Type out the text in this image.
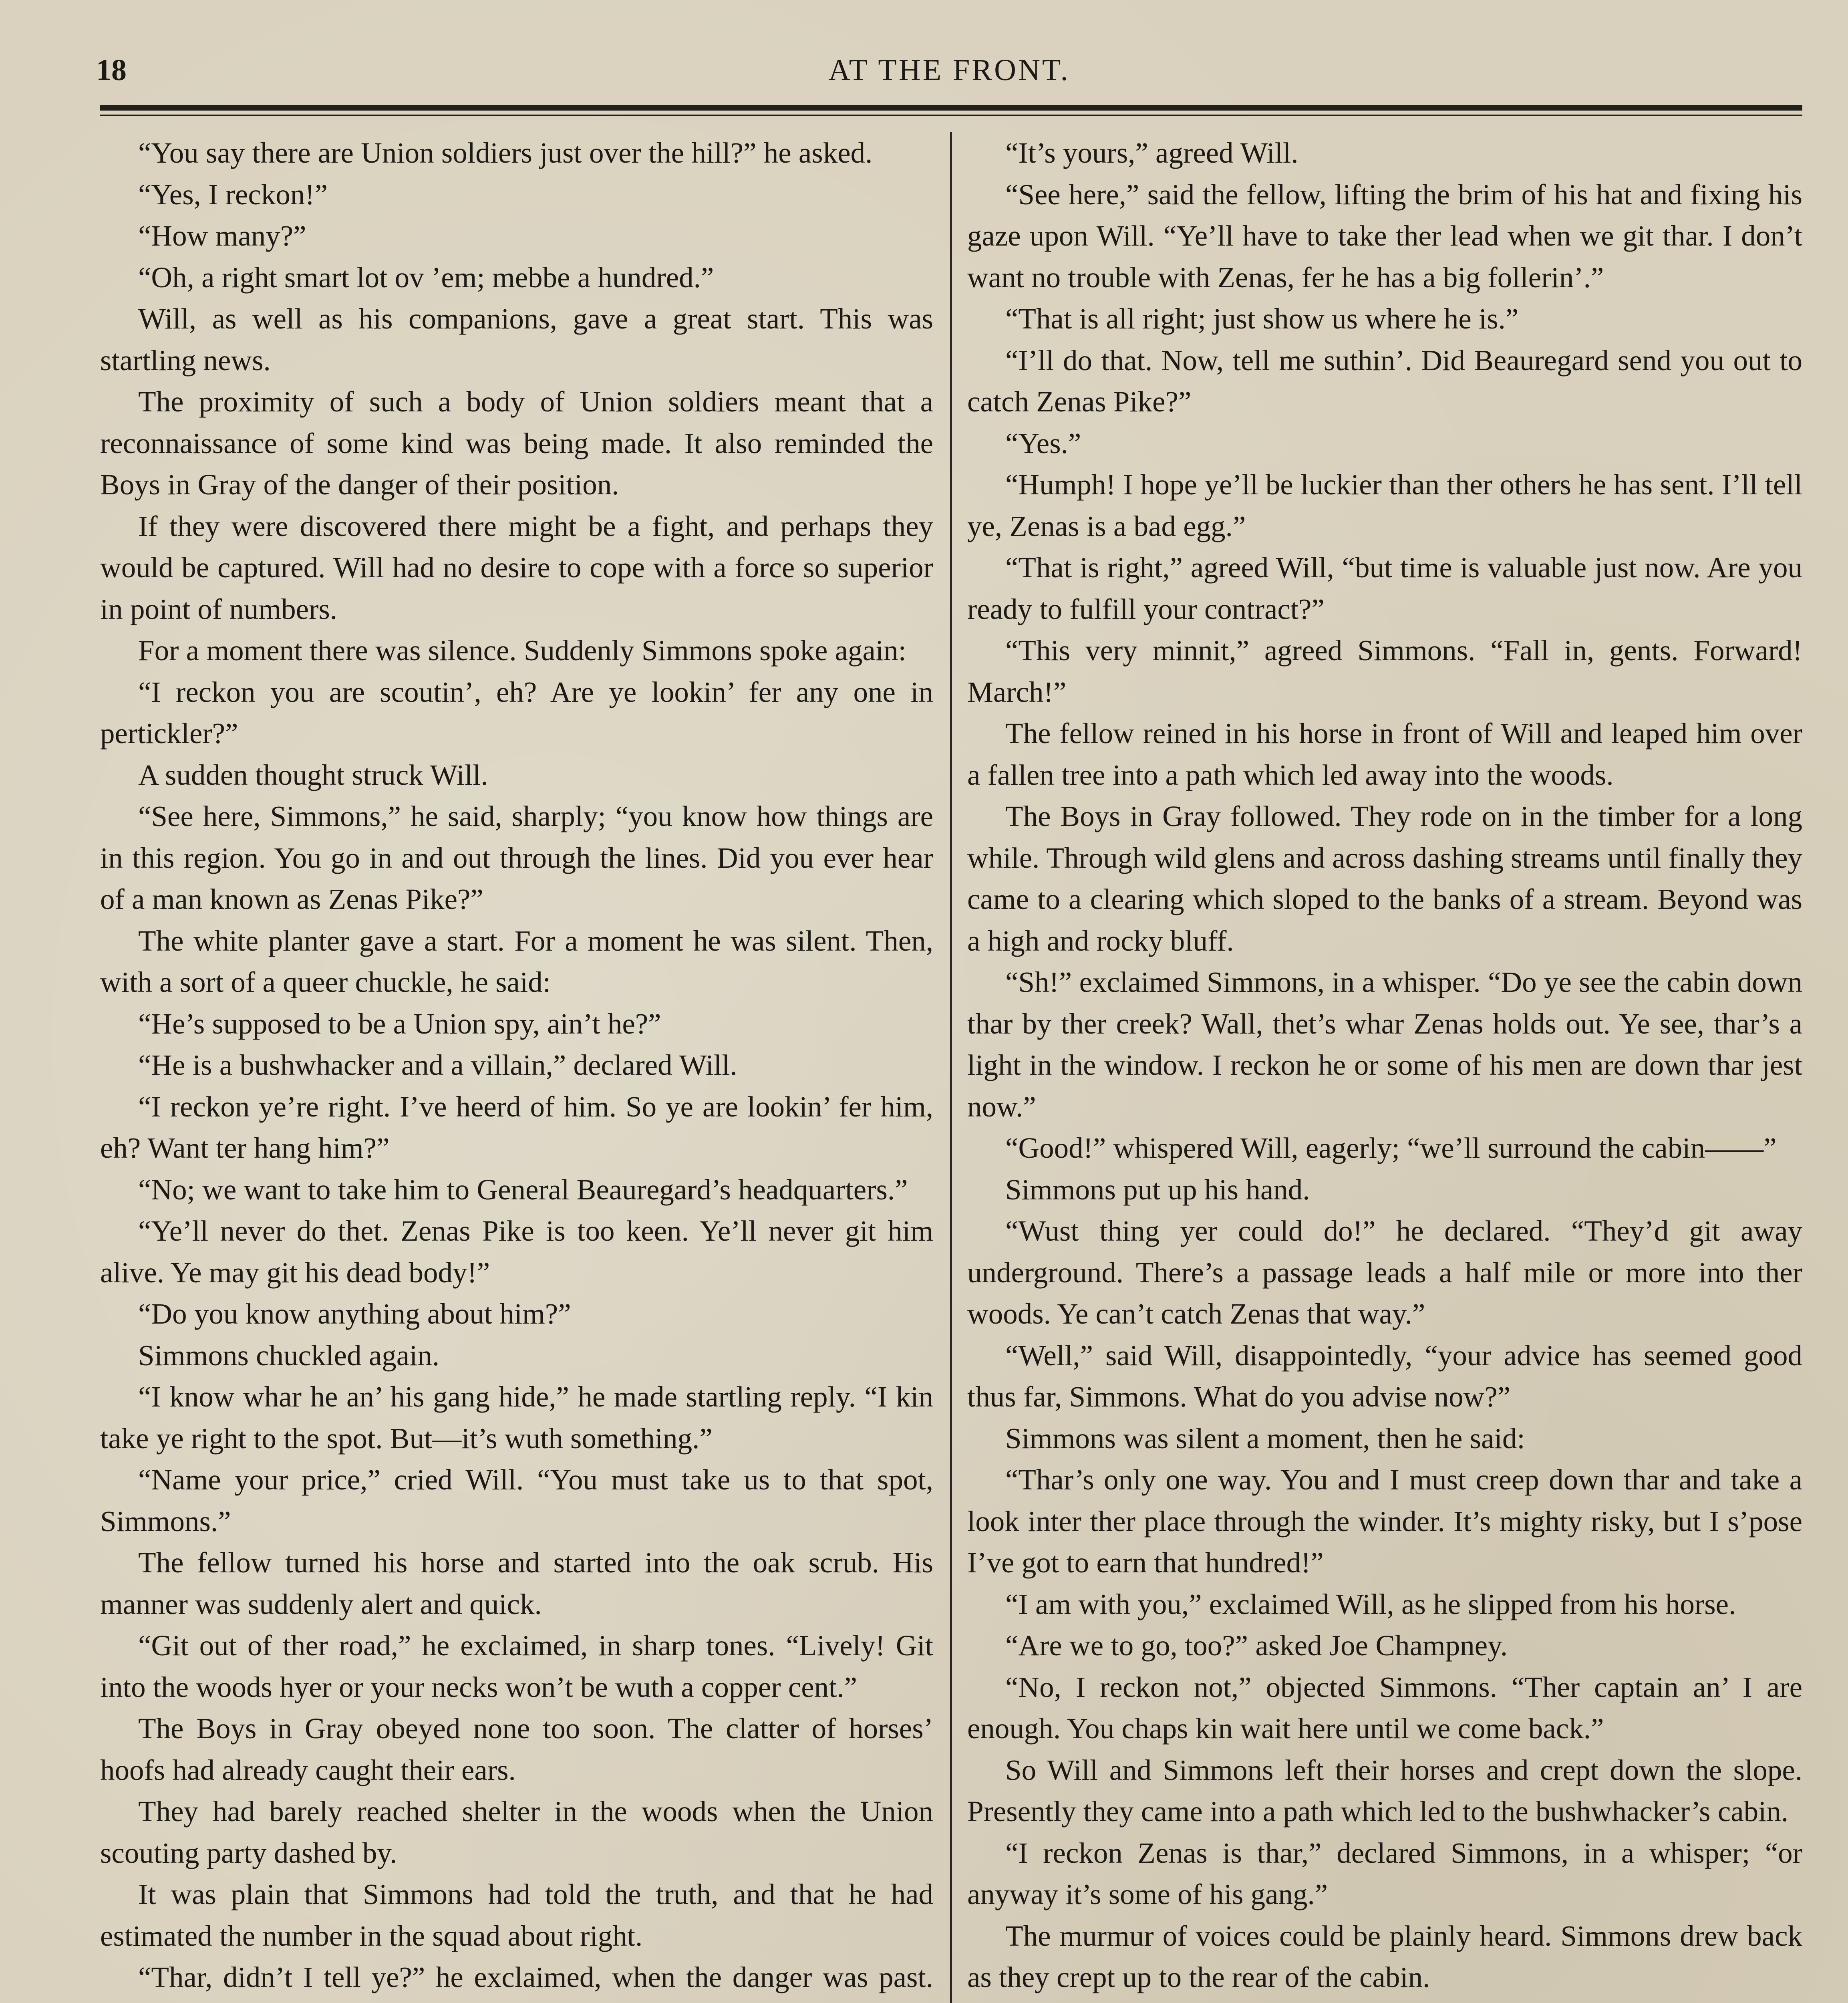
18	AT THE FRONT.

“You say there are Union soldiers just over the hill?” he asked.

“Yes, I reckon!”

“How many?”

“Oh, a right smart lot ov ’em; mebbe a hundred.”

Will, as well as his companions, gave a great start. This was startling news.

The proximity of such a body of Union soldiers meant that a reconnaissance of some kind was being made. It also reminded the Boys in Gray of the danger of their position.

If they were discovered there might be a fight, and perhaps they would be captured. Will had no desire to cope with a force so superior in point of numbers.

For a moment there was silence. Suddenly Simmons spoke again:

“I reckon you are scoutin’, eh? Are ye lookin’ fer any one in pertickler?”

A sudden thought struck Will.

“See here, Simmons,” he said, sharply; “you know how things are in this region. You go in and out through the lines. Did you ever hear of a man known as Zenas Pike?”

The white planter gave a start. For a moment he was silent. Then, with a sort of a queer chuckle, he said:

“He’s supposed to be a Union spy, ain’t he?”

“He is a bushwhacker and a villain,” declared Will.

“I reckon ye’re right. I’ve heerd of him. So ye are lookin’ fer him, eh? Want ter hang him?”

“No; we want to take him to General Beauregard’s headquarters.”

“Ye’ll never do thet. Zenas Pike is too keen. Ye’ll never git him alive. Ye may git his dead body!”

“Do you know anything about him?”

Simmons chuckled again.

“I know whar he an’ his gang hide,” he made startling reply. “I kin take ye right to the spot. But—it’s wuth something.”

“Name your price,” cried Will. “You must take us to that spot, Simmons.”

The fellow turned his horse and started into the oak scrub. His manner was suddenly alert and quick.

“Git out of ther road,” he exclaimed, in sharp tones. “Lively! Git into the woods hyer or your necks won’t be wuth a copper cent.”

The Boys in Gray obeyed none too soon. The clatter of horses’ hoofs had already caught their ears.

They had barely reached shelter in the woods when the Union scouting party dashed by.

It was plain that Simmons had told the truth, and that he had estimated the number in the squad about right.

“Thar, didn’t I tell ye?” he exclaimed, when the danger was past.

“It’s yours,” agreed Will.

“See here,” said the fellow, lifting the brim of his hat and fixing his gaze upon Will. “Ye’ll have to take ther lead when we git thar. I don’t want no trouble with Zenas, fer he has a big follerin’.”

“That is all right; just show us where he is.”

“I’ll do that. Now, tell me suthin’. Did Beauregard send you out to catch Zenas Pike?”

“Yes.”

“Humph! I hope ye’ll be luckier than ther others he has sent. I’ll tell ye, Zenas is a bad egg.”

“That is right,” agreed Will, “but time is valuable just now. Are you ready to fulfill your contract?”

“This very minnit,” agreed Simmons. “Fall in, gents. Forward! March!”

The fellow reined in his horse in front of Will and leaped him over a fallen tree into a path which led away into the woods.

The Boys in Gray followed. They rode on in the timber for a long while. Through wild glens and across dashing streams until finally they came to a clearing which sloped to the banks of a stream. Beyond was a high and rocky bluff.

“Sh!” exclaimed Simmons, in a whisper. “Do ye see the cabin down thar by ther creek? Wall, thet’s whar Zenas holds out. Ye see, thar’s a light in the window. I reckon he or some of his men are down thar jest now.”

“Good!” whispered Will, eagerly; “we’ll surround the cabin——”

Simmons put up his hand.

“Wust thing yer could do!” he declared. “They’d git away underground. There’s a passage leads a half mile or more into ther woods. Ye can’t catch Zenas that way.”

“Well,” said Will, disappointedly, “your advice has seemed good thus far, Simmons. What do you advise now?”

Simmons was silent a moment, then he said:

“Thar’s only one way. You and I must creep down thar and take a look inter ther place through the winder. It’s mighty risky, but I s’pose I’ve got to earn that hundred!”

“I am with you,” exclaimed Will, as he slipped from his horse.

“Are we to go, too?” asked Joe Champney.

“No, I reckon not,” objected Simmons. “Ther captain an’ I are enough. You chaps kin wait here until we come back.”

So Will and Simmons left their horses and crept down the slope. Presently they came into a path which led to the bushwhacker’s cabin.

“I reckon Zenas is thar,” declared Simmons, in a whisper; “or anyway it’s some of his gang.”

The murmur of voices could be plainly heard. Simmons drew back as they crept up to the rear of the cabin.
